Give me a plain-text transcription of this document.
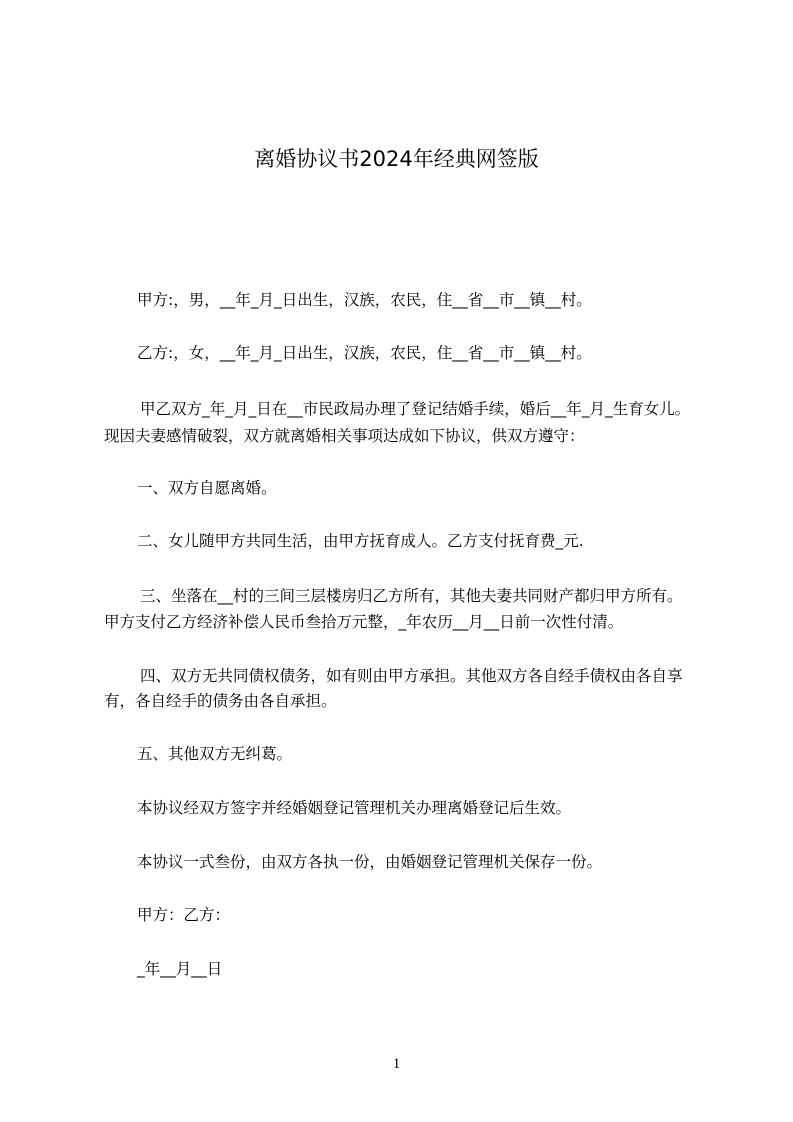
离婚协议书2024年经典网签版
甲方:，男，__年_月_日出生，汉族，农民，住__省__市__镇__村。
乙方:，女，__年_月_日出生，汉族，农民，住__省__市__镇__村。
甲乙双方_年_月_日在__市民政局办理了登记结婚手续，婚后__年_月_生育女儿。
现因夫妻感情破裂，双方就离婚相关事项达成如下协议，供双方遵守：
一、双方自愿离婚。
二、女儿随甲方共同生活，由甲方抚育成人。乙方支付抚育费_元.
三、坐落在__村的三间三层楼房归乙方所有，其他夫妻共同财产都归甲方所有。
甲方支付乙方经济补偿人民币叁拾万元整，_年农历__月__日前一次性付清。
四、双方无共同债权债务，如有则由甲方承担。其他双方各自经手债权由各自享
有，各自经手的债务由各自承担。
五、其他双方无纠葛。
本协议经双方签字并经婚姻登记管理机关办理离婚登记后生效。
本协议一式叁份，由双方各执一份，由婚姻登记管理机关保存一份。
甲方：乙方：
_年__月__日
1
